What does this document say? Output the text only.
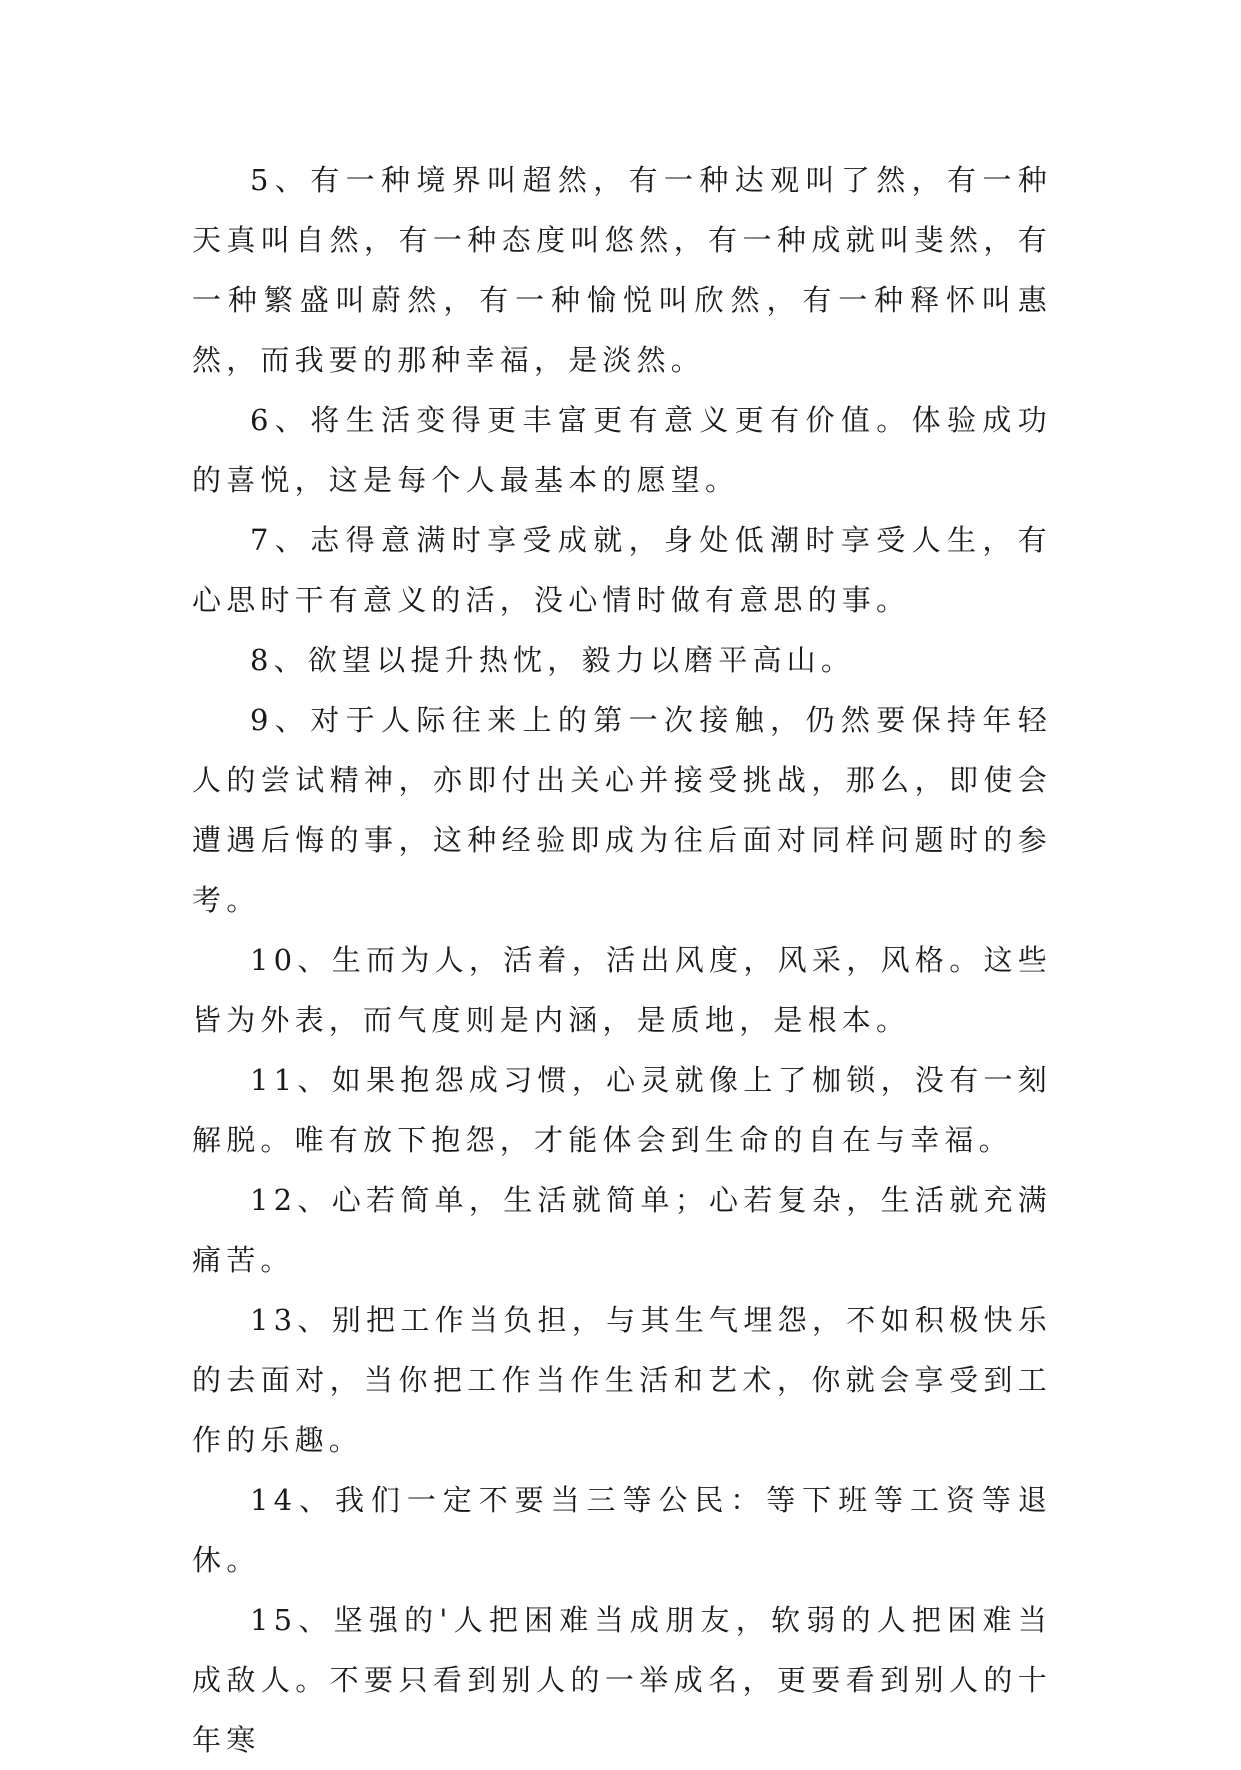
5、有一种境界叫超然，有一种达观叫了然，有一种天真叫自然，有一种态度叫悠然，有一种成就叫斐然，有一种繁盛叫蔚然，有一种愉悦叫欣然，有一种释怀叫惠然，而我要的那种幸福，是淡然。

6、将生活变得更丰富更有意义更有价值。体验成功的喜悦，这是每个人最基本的愿望。

7、志得意满时享受成就，身处低潮时享受人生，有心思时干有意义的活，没心情时做有意思的事。

8、欲望以提升热忱，毅力以磨平高山。

9、对于人际往来上的第一次接触，仍然要保持年轻人的尝试精神，亦即付出关心并接受挑战，那么，即使会遭遇后悔的事，这种经验即成为往后面对同样问题时的参考。

10、生而为人，活着，活出风度，风采，风格。这些皆为外表，而气度则是内涵，是质地，是根本。

11、如果抱怨成习惯，心灵就像上了枷锁，没有一刻解脱。唯有放下抱怨，才能体会到生命的自在与幸福。

12、心若简单，生活就简单；心若复杂，生活就充满痛苦。

13、别把工作当负担，与其生气埋怨，不如积极快乐的去面对，当你把工作当作生活和艺术，你就会享受到工作的乐趣。

14、我们一定不要当三等公民：等下班等工资等退休。

15、坚强的'人把困难当成朋友，软弱的人把困难当成敌人。不要只看到别人的一举成名，更要看到别人的十年寒
